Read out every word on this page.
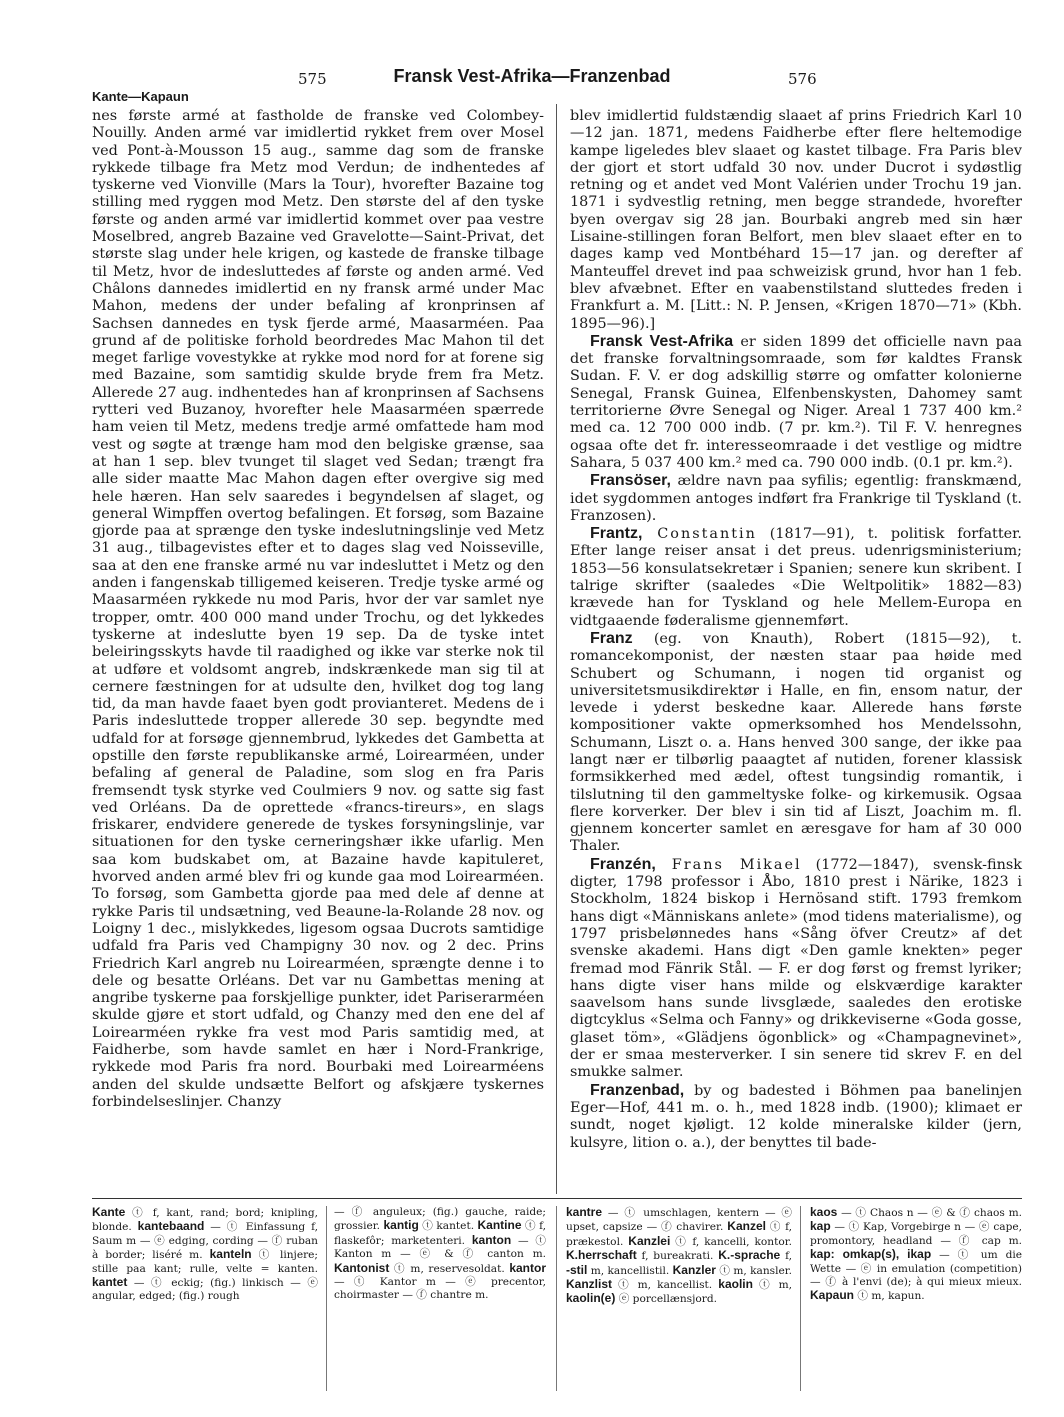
575	Fransk Vest-Afrika—Franzenbad	576
Kante—Kapaun

nes første armé at fastholde de franske ved Colombey-Nouilly. Anden armé var imidlertid rykket frem over Mosel ved Pont-à-Mousson 15 aug., samme dag som de franske rykkede tilbage fra Metz mod Verdun; de indhentedes af tyskerne ved Vionville (Mars la Tour), hvorefter Bazaine tog stilling med ryggen mod Metz. Den største del af den tyske første og anden armé var imidlertid kommet over paa vestre Moselbred, angreb Bazaine ved Gravelotte—Saint-Privat, det største slag under hele krigen, og kastede de franske tilbage til Metz, hvor de indesluttedes af første og anden armé. Ved Châlons dannedes imidlertid en ny fransk armé under Mac Mahon, medens der under befaling af kronprinsen af Sachsen dannedes en tysk fjerde armé, Maasarméen. Paa grund af de politiske forhold beordredes Mac Mahon til det meget farlige vovestykke at rykke mod nord for at forene sig med Bazaine, som samtidig skulde bryde frem fra Metz. Allerede 27 aug. indhentedes han af kronprinsen af Sachsens rytteri ved Buzanoy, hvorefter hele Maasarméen spærrede ham veien til Metz, medens tredje armé omfattede ham mod vest og søgte at trænge ham mod den belgiske grænse, saa at han 1 sep. blev tvunget til slaget ved Sedan; trængt fra alle sider maatte Mac Mahon dagen efter overgive sig med hele hæren. Han selv saaredes i begyndelsen af slaget, og general Wimpffen overtog befalingen. Et forsøg, som Bazaine gjorde paa at sprænge den tyske indeslutningslinje ved Metz 31 aug., tilbagevistes efter et to dages slag ved Noisseville, saa at den ene franske armé nu var indesluttet i Metz og den anden i fangenskab tilligemed keiseren. Tredje tyske armé og Maasarméen rykkede nu mod Paris, hvor der var samlet nye tropper, omtr. 400 000 mand under Trochu, og det lykkedes tyskerne at indeslutte byen 19 sep. Da de tyske intet beleiringsskyts havde til raadighed og ikke var sterke nok til at udføre et voldsomt angreb, indskrænkede man sig til at cernere fæstningen for at udsulte den, hvilket dog tog lang tid, da man havde faaet byen godt provianteret. Medens de i Paris indesluttede tropper allerede 30 sep. begyndte med udfald for at forsøge gjennembrud, lykkedes det Gambetta at opstille den første republikanske armé, Loirearméen, under befaling af general de Paladine, som slog en fra Paris fremsendt tysk styrke ved Coulmiers 9 nov. og satte sig fast ved Orléans. Da de oprettede «francs-tireurs», en slags friskarer, endvidere generede de tyskes forsyningslinje, var situationen for den tyske cerneringshær ikke ufarlig. Men saa kom budskabet om, at Bazaine havde kapituleret, hvorved anden armé blev fri og kunde gaa mod Loirearméen. To forsøg, som Gambetta gjorde paa med dele af denne at rykke Paris til undsætning, ved Beaune-la-Rolande 28 nov. og Loigny 1 dec., mislykkedes, ligesom ogsaa Ducrots samtidige udfald fra Paris ved Champigny 30 nov. og 2 dec. Prins Friedrich Karl angreb nu Loirearméen, sprængte denne i to dele og besatte Orléans. Det var nu Gambettas mening at angribe tyskerne paa forskjellige punkter, idet Pariserarméen skulde gjøre et stort udfald, og Chanzy med den ene del af Loirearméen rykke fra vest mod Paris samtidig med, at Faidherbe, som havde samlet en hær i Nord-Frankrige, rykkede mod Paris fra nord. Bourbaki med Loirearméens anden del skulde undsætte Belfort og afskjære tyskernes forbindelseslinjer. Chanzy

blev imidlertid fuldstændig slaaet af prins Friedrich Karl 10—12 jan. 1871, medens Faidherbe efter flere heltemodige kampe ligeledes blev slaaet og kastet tilbage. Fra Paris blev der gjort et stort udfald 30 nov. under Ducrot i sydøstlig retning og et andet ved Mont Valérien under Trochu 19 jan. 1871 i sydvestlig retning, men begge strandede, hvorefter byen overgav sig 28 jan. Bourbaki angreb med sin hær Lisaine-stillingen foran Belfort, men blev slaaet efter en to dages kamp ved Montbéhard 15—17 jan. og derefter af Manteuffel drevet ind paa schweizisk grund, hvor han 1 feb. blev afvæbnet. Efter en vaabenstilstand sluttedes freden i Frankfurt a. M. [Litt.: N. P. Jensen, «Krigen 1870—71» (Kbh. 1895—96).]

Fransk Vest-Afrika er siden 1899 det officielle navn paa det franske forvaltningsomraade, som før kaldtes Fransk Sudan. F. V. er dog adskillig større og omfatter kolonierne Senegal, Fransk Guinea, Elfenbenskysten, Dahomey samt territorierne Øvre Senegal og Niger. Areal 1 737 400 km.² med ca. 12 700 000 indb. (7 pr. km.²). Til F. V. henregnes ogsaa ofte det fr. interesseomraade i det vestlige og midtre Sahara, 5 037 400 km.² med ca. 790 000 indb. (0.1 pr. km.²).

Fransöser, ældre navn paa syfilis; egentlig: franskmænd, idet sygdommen antoges indført fra Frankrige til Tyskland (t. Franzosen).

Frantz, Constantin (1817—91), t. politisk forfatter. Efter lange reiser ansat i det preus. udenrigsministerium; 1853—56 konsulatsekretær i Spanien; senere kun skribent. I talrige skrifter (saaledes «Die Weltpolitik» 1882—83) krævede han for Tyskland og hele Mellem-Europa en vidtgaaende føderalisme gjennemført.

Franz (eg. von Knauth), Robert (1815—92), t. romancekomponist, der næsten staar paa høide med Schubert og Schumann, i nogen tid organist og universitetsmusikdirektør i Halle, en fin, ensom natur, der levede i yderst beskedne kaar. Allerede hans første kompositioner vakte opmerksomhed hos Mendelssohn, Schumann, Liszt o. a. Hans henved 300 sange, der ikke paa langt nær er tilbørlig paaagtet af nutiden, forener klassisk formsikkerhed med ædel, oftest tungsindig romantik, i tilslutning til den gammeltyske folke- og kirkemusik. Ogsaa flere korverker. Der blev i sin tid af Liszt, Joachim m. fl. gjennem koncerter samlet en æresgave for ham af 30 000 Thaler.

Franzén, Frans Mikael (1772—1847), svensk-finsk digter, 1798 professor i Åbo, 1810 prest i Närike, 1823 i Stockholm, 1824 biskop i Hernösand stift. 1793 fremkom hans digt «Människans anlete» (mod tidens materialisme), og 1797 prisbelønnedes hans «Sång öfver Creutz» af det svenske akademi. Hans digt «Den gamle knekten» peger fremad mod Fänrik Stål. — F. er dog først og fremst lyriker; hans digte viser hans milde og elskværdige karakter saavelsom hans sunde livsglæde, saaledes den erotiske digtcyklus «Selma och Fanny» og drikkeviserne «Goda gosse, glaset töm», «Glädjens ögonblick» og «Champagnevinet», der er smaa mesterverker. I sin senere tid skrev F. en del smukke salmer.

Franzenbad, by og badested i Böhmen paa banelinjen Eger—Hof, 441 m. o. h., med 1828 indb. (1900); klimaet er sundt, noget kjøligt. 12 kolde mineralske kilder (jern, kulsyre, lition o. a.), der benyttes til bade-

Kante ⓣ f, kant, rand; bord; knipling, blonde. kantebaand — ⓣ Einfassung f, Saum m — ⓔ edging, cording — ⓕ ruban à border; liséré m. kanteln ⓣ linjere; stille paa kant; rulle, velte = kanten. kantet — ⓣ eckig; (fig.) linkisch — ⓔ angular, edged; (fig.) rough

— ⓕ anguleux; (fig.) gauche, raide; grossier. kantig ⓣ kantet. Kantine ⓣ f, flaskefôr; marketenteri. kanton — ⓣ Kanton m — ⓔ & ⓕ canton m. Kantonist ⓣ m, reservesoldat. kantor — ⓣ Kantor m — ⓔ precentor, choirmaster — ⓕ chantre m.

kantre — ⓣ umschlagen, kentern — ⓔ upset, capsize — ⓕ chavirer. Kanzel ⓣ f, prækestol. Kanzlei ⓣ f, kancelli, kontor. K.herrschaft f, bureakrati. K.-sprache f, -stil m, kancellistil. Kanzler ⓣ m, kansler. Kanzlist ⓣ m, kancellist. kaolin ⓣ m, kaolin(e) ⓔ porcellænsjord.

kaos — ⓣ Chaos n — ⓔ & ⓕ chaos m. kap — ⓣ Kap, Vorgebirge n — ⓔ cape, promontory, headland — ⓕ cap m. kap: omkap(s), ikap — ⓣ um die Wette — ⓔ in emulation (competition) — ⓕ à l'envi (de); à qui mieux mieux. Kapaun ⓣ m, kapun.
